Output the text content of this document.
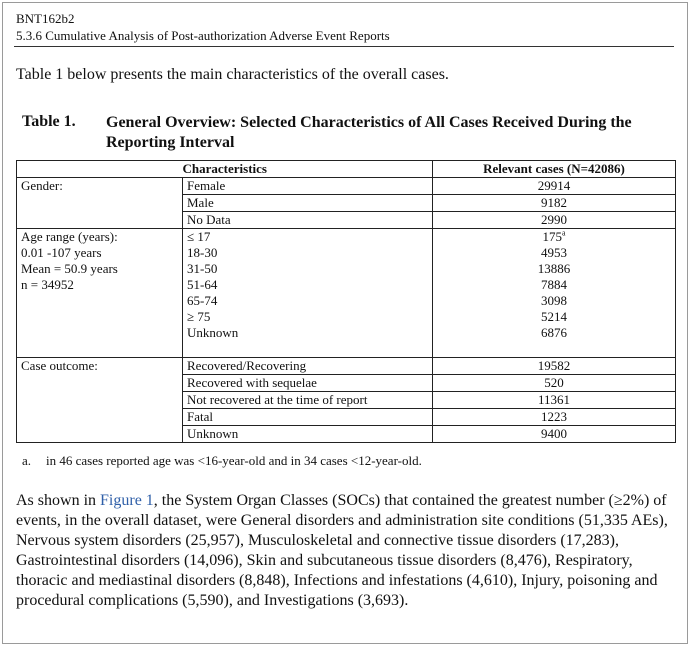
BNT162b2
5.3.6 Cumulative Analysis of Post-authorization Adverse Event Reports
Table 1 below presents the main characteristics of the overall cases.
Table 1. General Overview: Selected Characteristics of All Cases Received During the Reporting Interval
	Characteristics	Relevant cases (N=42086)
Gender:	Female	29914
	Male	9182
	No Data	2990

Age range (years):
0.01 -107 years
Mean = 50.9 years
n = 34952	≤ 17	175$^a$
	18-30	4953
	31-50	13886
	51-64	7884
	65-74	3098
	≥ 75	5214
	Unknown	6876

Case outcome:	Recovered/Recovering	19582
	Recovered with sequelae	520
	Not recovered at the time of report	11361
	Fatal	1223
	Unknown	9400
a. in 46 cases reported age was <16-year-old and in 34 cases <12-year-old.
As shown in Figure 1, the System Organ Classes (SOCs) that contained the greatest number (≥2%) of events, in the overall dataset, were General disorders and administration site conditions (51,335 AEs), Nervous system disorders (25,957), Musculoskeletal and connective tissue disorders (17,283), Gastrointestinal disorders (14,096), Skin and subcutaneous tissue disorders (8,476), Respiratory, thoracic and mediastinal disorders (8,848), Infections and infestations (4,610), Injury, poisoning and procedural complications (5,590), and Investigations (3,693).
